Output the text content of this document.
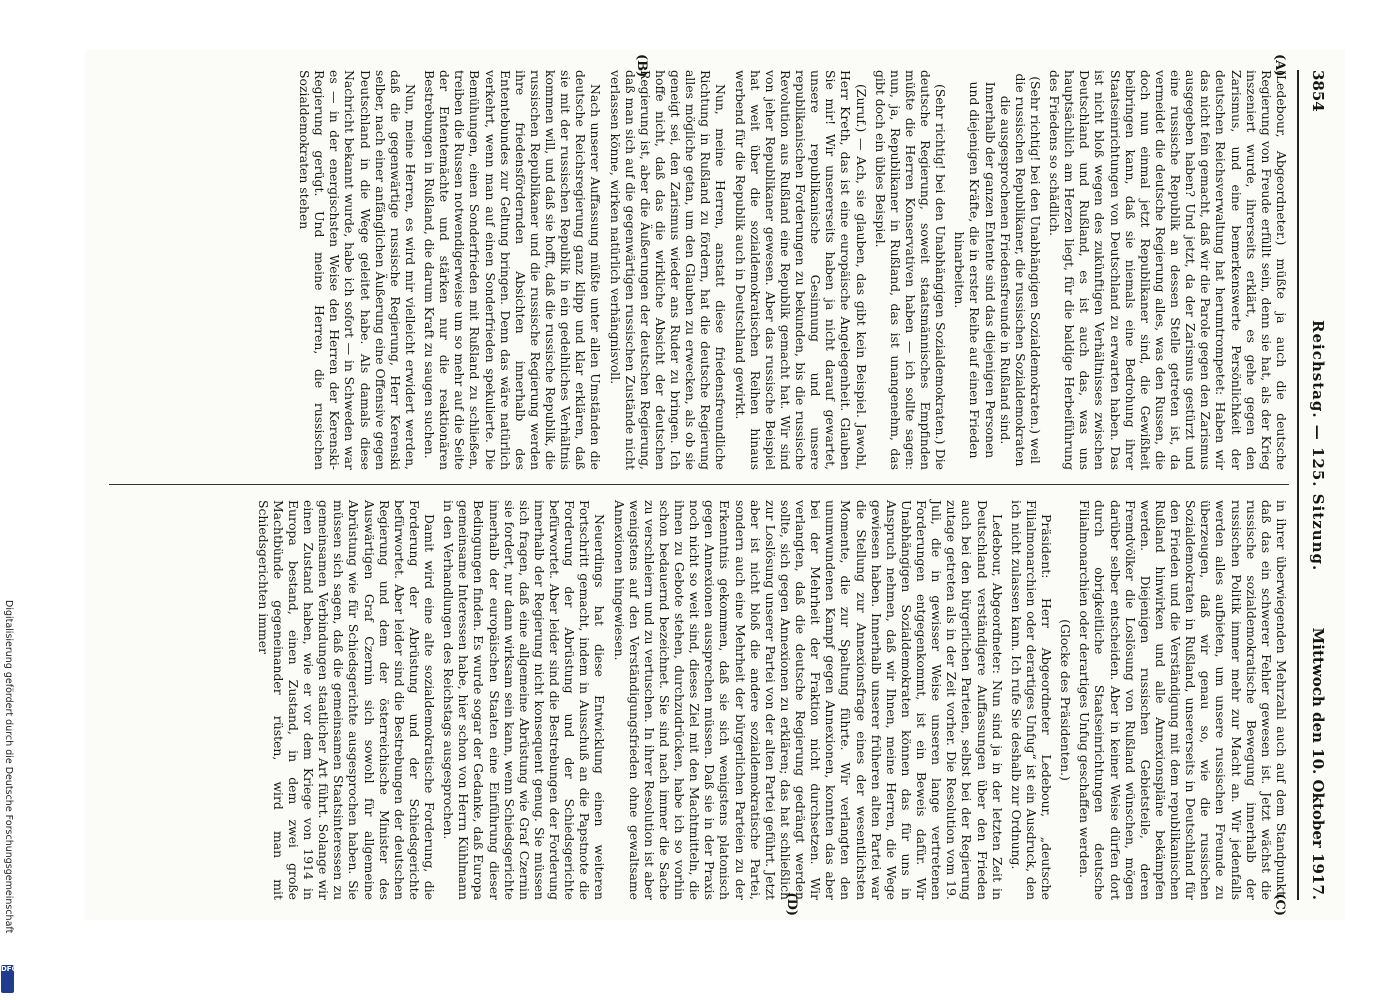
3854
Reichstag. — 125. Sitzung.
Mittwoch den 10. Oktober 1917.
(A)
(B)

(Ledebour, Abgeordneter.) müßte ja auch die deutsche Regierung von Freude erfüllt sein, denn sie hat, als der Krieg inszeniert wurde, ihrerseits erklärt, es gehe gegen den Zarismus, und eine bemerkenswerte Persönlichkeit der deutschen Reichsverwaltung hat herumtrompetet: Haben wir das nicht fein gemacht, daß wir die Parole gegen den Zarismus ausgegeben haben? Und jetzt, da der Zarismus gestürzt und eine russische Republik an dessen Stelle getreten ist, da vermeidet die deutsche Regierung alles, was den Russen, die doch nun einmal jetzt Republikaner sind, die Gewißheit beibringen kann, daß sie niemals eine Bedrohung ihrer Staatseinrichtungen von Deutschland zu erwarten haben. Das ist nicht bloß wegen des zukünftigen Verhältnisses zwischen Deutschland und Rußland, es ist auch das, was uns hauptsächlich am Herzen liegt, für die baldige Herbeiführung des Friedens so schädlich.

(Sehr richtig! bei den Unabhängigen Sozialdemokraten.) weil die russischen Republikaner, die russischen Sozialdemokraten die ausgesprochenen Friedensfreunde in Rußland sind. Innerhalb der ganzen Entente sind das diejenigen Personen und diejenigen Kräfte, die in erster Reihe auf einen Frieden hinarbeiten.

(Sehr richtig! bei den Unabhängigen Sozialdemokraten.) Die deutsche Regierung, soweit staatsmännisches Empfinden müßte die Herren Konservativen haben — ich sollte sagen: nun, ja, Republikaner in Rußland, das ist unangenehm, das gibt doch ein übles Beispiel.

(Zuruf.) — Ach, sie glauben, das gibt kein Beispiel. Jawohl, Herr Kreth, das ist eine europäische Angelegenheit. Glauben Sie mir! Wir unsererseits haben ja nicht darauf gewartet, unsere republikanische Gesinnung und unsere republikanischen Forderungen zu bekunden, bis die russische Revolution aus Rußland eine Republik gemacht hat. Wir sind von jeher Republikaner gewesen. Aber das russische Beispiel hat weit über die sozialdemokratischen Reihen hinaus werbend für die Republik auch in Deutschland gewirkt.

Nun, meine Herren, anstatt diese friedensfreundliche Richtung in Rußland zu fördern, hat die deutsche Regierung alles mögliche getan, um den Glauben zu erwecken, als ob sie geneigt sei, den Zarismus wieder ans Ruder zu bringen. Ich hoffe nicht, daß das die wirkliche Absicht der deutschen Regierung ist, aber die Äußerungen der deutschen Regierung, daß man sich auf die gegenwärtigen russischen Zustände nicht verlassen könne, wirken natürlich verhängnisvoll.

Nach unserer Auffassung müßte unter allen Umständen die deutsche Reichsregierung ganz klipp und klar erklären, daß sie mit der russischen Republik in ein gedeihliches Verhältnis kommen will, und daß sie hofft, daß die russische Republik, die russischen Republikaner und die russische Regierung werden ihre friedensfördernden Absichten innerhalb des Ententebundes zur Geltung bringen. Denn das wäre natürlich verkehrt, wenn man auf einen Sonderfrieden spekulierte. Die Bemühungen, einen Sonderfrieden mit Rußland zu schließen, treiben die Russen notwendigerweise um so mehr auf die Seite der Ententemächte und stärken nur die reaktionären Bestrebungen in Rußland, die darum Kraft zu saugen suchen.

Nun, meine Herren, es wird mir vielleicht erwidert werden, daß die gegenwärtige russische Regierung, Herr Kerenski selber, nach einer anfänglichen Äußerung eine Offensive gegen Deutschland in die Wege geleitet habe. Als damals diese Nachricht bekannt wurde, habe ich sofort — in Schweden war es — in der energischsten Weise den Herren der Kerenski-Regierung gerügt. Und meine Herren, die russischen Sozialdemokraten stehen

(C)
(D)

in ihrer überwiegenden Mehrzahl auch auf dem Standpunkt, daß das ein schwerer Fehler gewesen ist. Jetzt wächst die russische sozialdemokratische Bewegung innerhalb der russischen Politik immer mehr zur Macht an. Wir jedenfalls werden alles aufbieten, um unsere russischen Freunde zu überzeugen, daß wir genau so, wie die russischen Sozialdemokraten in Rußland, unsererseits in Deutschland für den Frieden und die Verständigung mit dem republikanischen Rußland hinwirken und alle Annexionspläne bekämpfen werden. Diejenigen russischen Gebietsteile, deren Fremdvölker die Loslösung von Rußland wünschen, mögen darüber selber entscheiden. Aber in keiner Weise dürfen dort durch obrigkeitliche Staatseinrichtungen deutsche Filialmonarchien oder derartiges Unfug geschaffen werden.

(Glocke des Präsidenten.)

Präsident: Herr Abgeordneter Ledebour, „deutsche Filialmonarchien oder derartiges Unfug“ ist ein Ausdruck, den ich nicht zulassen kann. Ich rufe Sie deshalb zur Ordnung.

Ledebour, Abgeordneter: Nun sind ja in der letzten Zeit in Deutschland verständigere Auffassungen über den Frieden auch bei den bürgerlichen Parteien, selbst bei der Regierung zutage getreten als in der Zeit vorher. Die Resolution vom 19. Juli, die in gewisser Weise unseren lange vertretenen Forderungen entgegenkommt, ist ein Beweis dafür. Wir Unabhängigen Sozialdemokraten können das für uns in Anspruch nehmen, daß wir Ihnen, meine Herren, die Wege gewiesen haben. Innerhalb unserer früheren alten Partei war die Stellung zur Annexionsfrage eines der wesentlichsten Momente, die zur Spaltung führte. Wir verlangten den unumwundenen Kampf gegen Annexionen, konnten das aber bei der Mehrheit der Fraktion nicht durchsetzen. Wir verlangten, daß die deutsche Regierung gedrängt werden sollte, sich gegen Annexionen zu erklären; das hat schließlich zur Loslösung unserer Partei von der alten Partei geführt. Jetzt aber ist nicht bloß die andere sozialdemokratische Partei, sondern auch eine Mehrheit der bürgerlichen Parteien zu der Erkenntnis gekommen, daß sie sich wenigstens platonisch gegen Annexionen aussprechen müssen. Daß sie in der Praxis noch nicht so weit sind, dieses Ziel mit den Machtmitteln, die ihnen zu Gebote stehen, durchzudrücken, habe ich so vorhin schon bedauernd bezeichnet. Sie sind nach immer die Sache zu verschleiern und zu vertuschen. In ihrer Resolution ist aber wenigstens auf den Verständigungsfrieden ohne gewaltsame Annexionen hingewiesen.

Neuerdings hat diese Entwicklung einen weiteren Fortschritt gemacht, indem in Ausschuß an die Papstnote die Forderung der Abrüstung und der Schiedsgerichte befürwortet. Aber leider sind die Bestrebungen der Forderung innerhalb der Regierung nicht konsequent genug. Sie müssen sich fragen, daß eine allgemeine Abrüstung wie Graf Czernin sie fordert, nur dann wirksam sein kann, wenn Schiedsgerichte innerhalb der europäischen Staaten eine Einführung dieser Bedingungen finden. Es wurde sogar der Gedanke, daß Europa gemeinsame Interessen habe, hier schon von Herrn Kühlmann in den Verhandlungen des Reichstags ausgesprochen.

Damit wird eine alte sozialdemokratische Forderung, die Forderung der Abrüstung und der Schiedsgerichte befürwortet. Aber leider sind die Bestrebungen der deutschen Regierung und dem der österreichische Minister des Auswärtigen Graf Czernin sich sowohl für allgemeine Abrüstung wie für Schiedsgerichte ausgesprochen haben. Sie müssen sich sagen, daß die gemeinsamen Staatsinteressen zu gemeinsamen Verbindungen staatlicher Art führt. Solange wir einen Zustand haben, wie er vor dem Kriege von 1914 in Europa bestand, einen Zustand, in dem zwei große Machtbünde gegeneinander rüsten, wird man mit Schiedsgerichten immer

Digitalisierung gefördert durch die Deutsche Forschungsgemeinschaft
DFG
